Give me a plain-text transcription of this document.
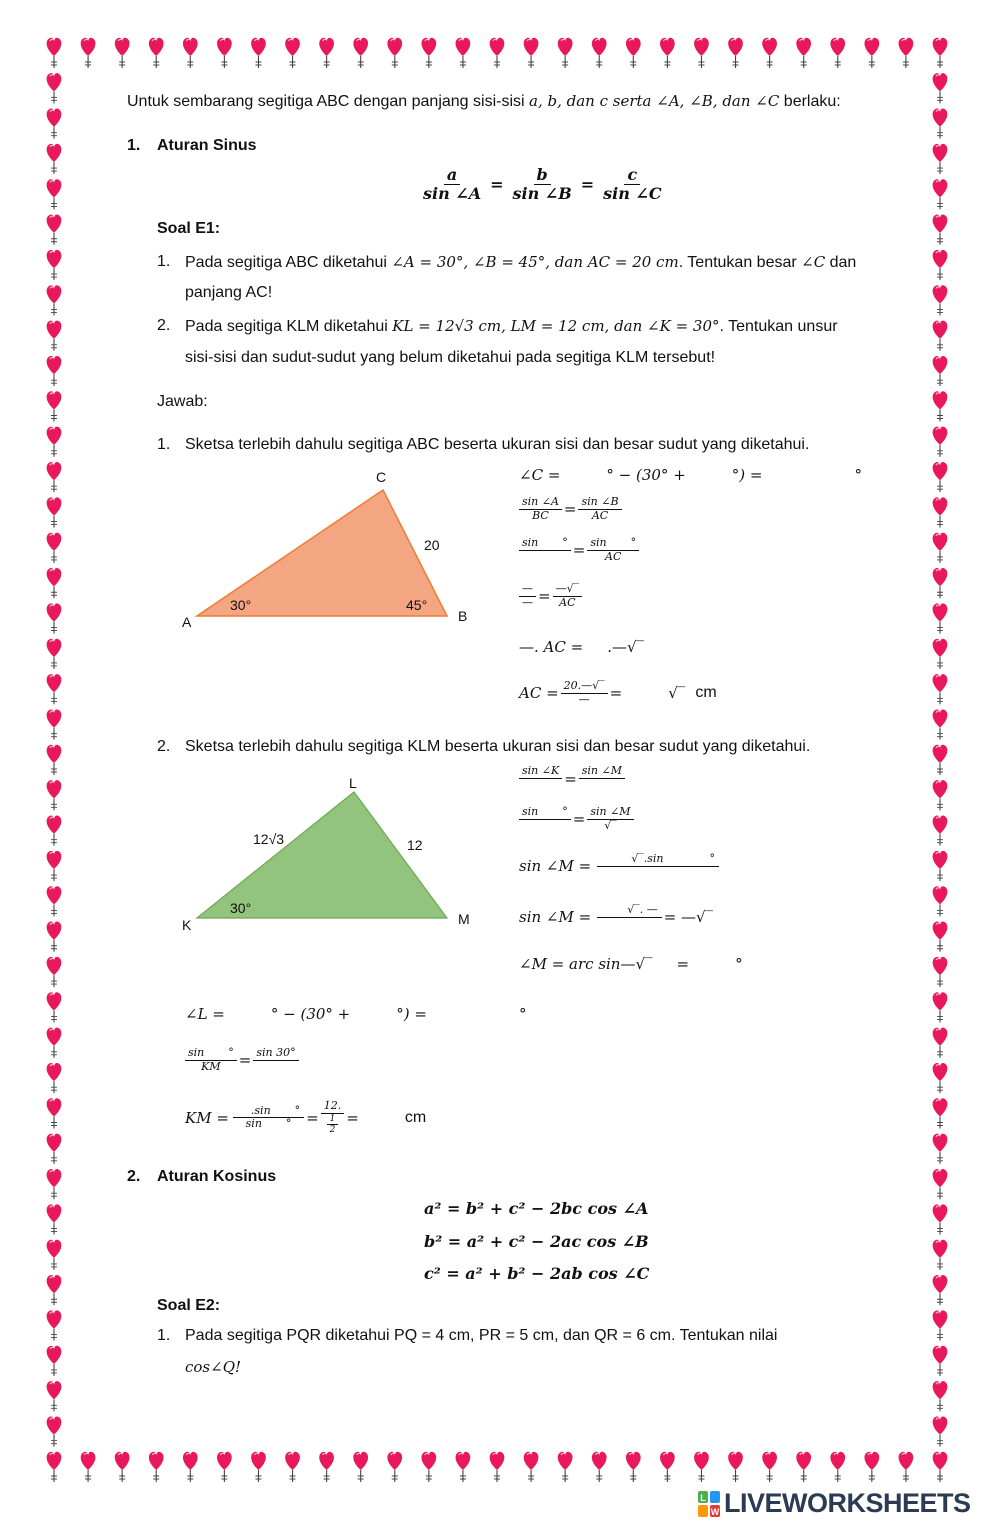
Untuk sembarang segitiga ABC dengan panjang sisi-sisi a, b, dan c serta ∠A, ∠B, dan ∠C berlaku:
1. Aturan Sinus
$\frac{a}{\sin \angle A} = \frac{b}{\sin \angle B} = \frac{c}{\sin \angle C}$
Soal E1:
1. Pada segitiga ABC diketahui ∠A = 30°, ∠B = 45°, dan AC = 20 cm. Tentukan besar ∠C dan
panjang AC!
2. Pada segitiga KLM diketahui KL = 12√3 cm, LM = 12 cm, dan ∠K = 30°. Tentukan unsur
sisi-sisi dan sudut-sudut yang belum diketahui pada segitiga KLM tersebut!
Jawab:
1. Sketsa terlebih dahulu segitiga ABC beserta ukuran sisi dan besar sudut yang diketahui.
C
A	B
30°	45°
20
∠C =	° − (30° +	°) =	°
$\frac{\sin \angle A}{BC} = \frac{\sin \angle B}{AC}$
sin °
= $\frac{\sin ^\circ}{AC}$
$\frac{—}{—} = \frac{—√‾}{AC}$
—. AC = .—√‾
AC = $\frac{20.—√‾}{—}$ =	√‾ cm
2. Sketsa terlebih dahulu segitiga KLM beserta ukuran sisi dan besar sudut yang diketahui.
L
K	M
12√3	12
30°
sin ∠K
= sin ∠M

sin °
= $\frac{\sin \angle M}{√‾}$
sin ∠M =	√‾.sin	°

sin ∠M =	√‾. —
= —√‾
∠M = arc sin—√‾ =	°
∠L =	° − (30° +	°) =	°
$\frac{\sin ^\circ}{KM} = \sin 30^\circ$

KM = $\frac{.\sin ^\circ}{\sin ^\circ} = \frac{12.}{\frac{1}{2}}$ =	cm
2. Aturan Kosinus
a² = b² + c² − 2bc cos ∠A
b² = a² + c² − 2ac cos ∠B
c² = a² + b² − 2ab cos ∠C
Soal E2:
1. Pada segitiga PQR diketahui PQ = 4 cm, PR = 5 cm, dan QR = 6 cm. Tentukan nilai
cos∠Q!
L
W LIVEWORKSHEETS
